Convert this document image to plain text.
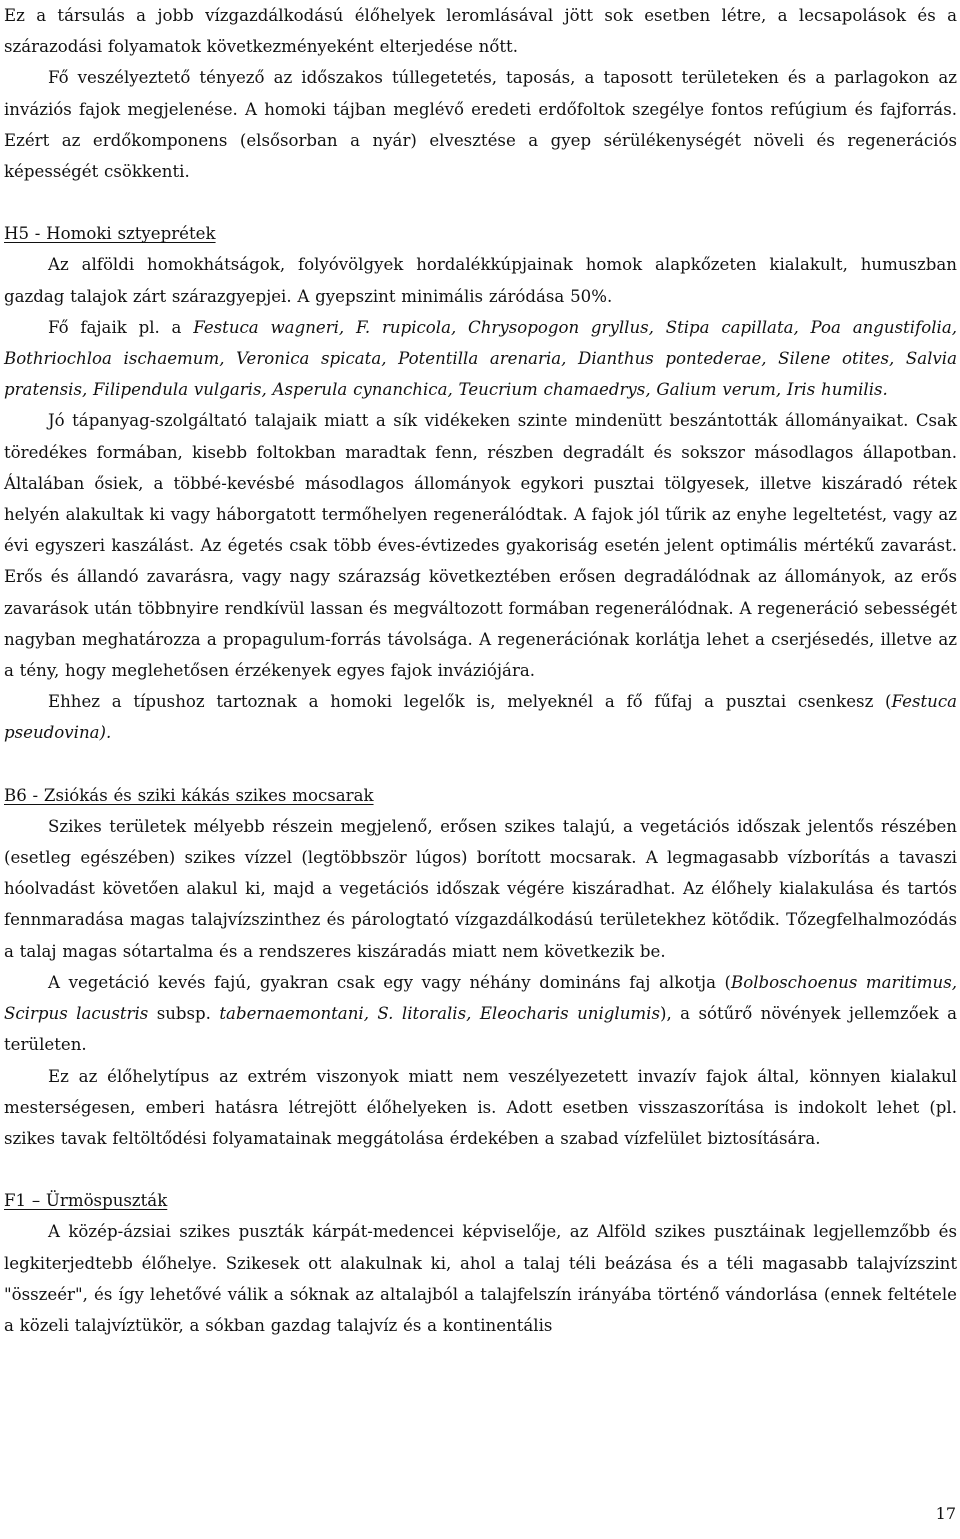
Ez a társulás a jobb vízgazdálkodású élőhelyek leromlásával jött sok esetben létre, a lecsapolások és a szárazodási folyamatok következményeként elterjedése nőtt.

Fő veszélyeztető tényező az időszakos túllegetetés, taposás, a taposott területeken és a parlagokon az inváziós fajok megjelenése. A homoki tájban meglévő eredeti erdőfoltok szegélye fontos refúgium és fajforrás. Ezért az erdőkomponens (elsősorban a nyár) elvesztése a gyep sérülékenységét növeli és regenerációs képességét csökkenti.

H5 - Homoki sztyeprétek

Az alföldi homokhátságok, folyóvölgyek hordalékkúpjainak homok alapkőzeten kialakult, humuszban gazdag talajok zárt szárazgyepjei. A gyepszint minimális záródása 50%.

Fő fajaik pl. a Festuca wagneri, F. rupicola, Chrysopogon gryllus, Stipa capillata, Poa angustifolia, Bothriochloa ischaemum, Veronica spicata, Potentilla arenaria, Dianthus pontederae, Silene otites, Salvia pratensis, Filipendula vulgaris, Asperula cynanchica, Teucrium chamaedrys, Galium verum, Iris humilis.

Jó tápanyag-szolgáltató talajaik miatt a sík vidékeken szinte mindenütt beszántották állományaikat. Csak töredékes formában, kisebb foltokban maradtak fenn, részben degradált és sokszor másodlagos állapotban. Általában ősiek, a többé-kevésbé másodlagos állományok egykori pusztai tölgyesek, illetve kiszáradó rétek helyén alakultak ki vagy háborgatott termőhelyen regenerálódtak. A fajok jól tűrik az enyhe legeltetést, vagy az évi egyszeri kaszálást. Az égetés csak több éves-évtizedes gyakoriság esetén jelent optimális mértékű zavarást. Erős és állandó zavarásra, vagy nagy szárazság következtében erősen degradálódnak az állományok, az erős zavarások után többnyire rendkívül lassan és megváltozott formában regenerálódnak. A regeneráció sebességét nagyban meghatározza a propagulum-forrás távolsága. A regenerációnak korlátja lehet a cserjésedés, illetve az a tény, hogy meglehetősen érzékenyek egyes fajok inváziójára.

Ehhez a típushoz tartoznak a homoki legelők is, melyeknél a fő fűfaj a pusztai csenkesz (Festuca pseudovina).

B6 - Zsiókás és sziki kákás szikes mocsarak

Szikes területek mélyebb részein megjelenő, erősen szikes talajú, a vegetációs időszak jelentős részében (esetleg egészében) szikes vízzel (legtöbbször lúgos) borított mocsarak. A legmagasabb vízborítás a tavaszi hóolvadást követően alakul ki, majd a vegetációs időszak végére kiszáradhat. Az élőhely kialakulása és tartós fennmaradása magas talajvízszinthez és párologtató vízgazdálkodású területekhez kötődik. Tőzegfelhalmozódás a talaj magas sótartalma és a rendszeres kiszáradás miatt nem következik be.

A vegetáció kevés fajú, gyakran csak egy vagy néhány domináns faj alkotja (Bolboschoenus maritimus, Scirpus lacustris subsp. tabernaemontani, S. litoralis, Eleocharis uniglumis), a sótűrő növények jellemzőek a területen.

Ez az élőhelytípus az extrém viszonyok miatt nem veszélyezetett invazív fajok által, könnyen kialakul mesterségesen, emberi hatásra létrejött élőhelyeken is. Adott esetben visszaszorítása is indokolt lehet (pl. szikes tavak feltöltődési folyamatainak meggátolása érdekében a szabad vízfelület biztosítására.

F1 – Ürmöspuszták

A közép-ázsiai szikes puszták kárpát-medencei képviselője, az Alföld szikes pusztáinak legjellemzőbb és legkiterjedtebb élőhelye. Szikesek ott alakulnak ki, ahol a talaj téli beázása és a téli magasabb talajvízszint "összeér", és így lehetővé válik a sóknak az altalajból a talajfelszín irányába történő vándorlása (ennek feltétele a közeli talajvíztükör, a sókban gazdag talajvíz és a kontinentális

17
